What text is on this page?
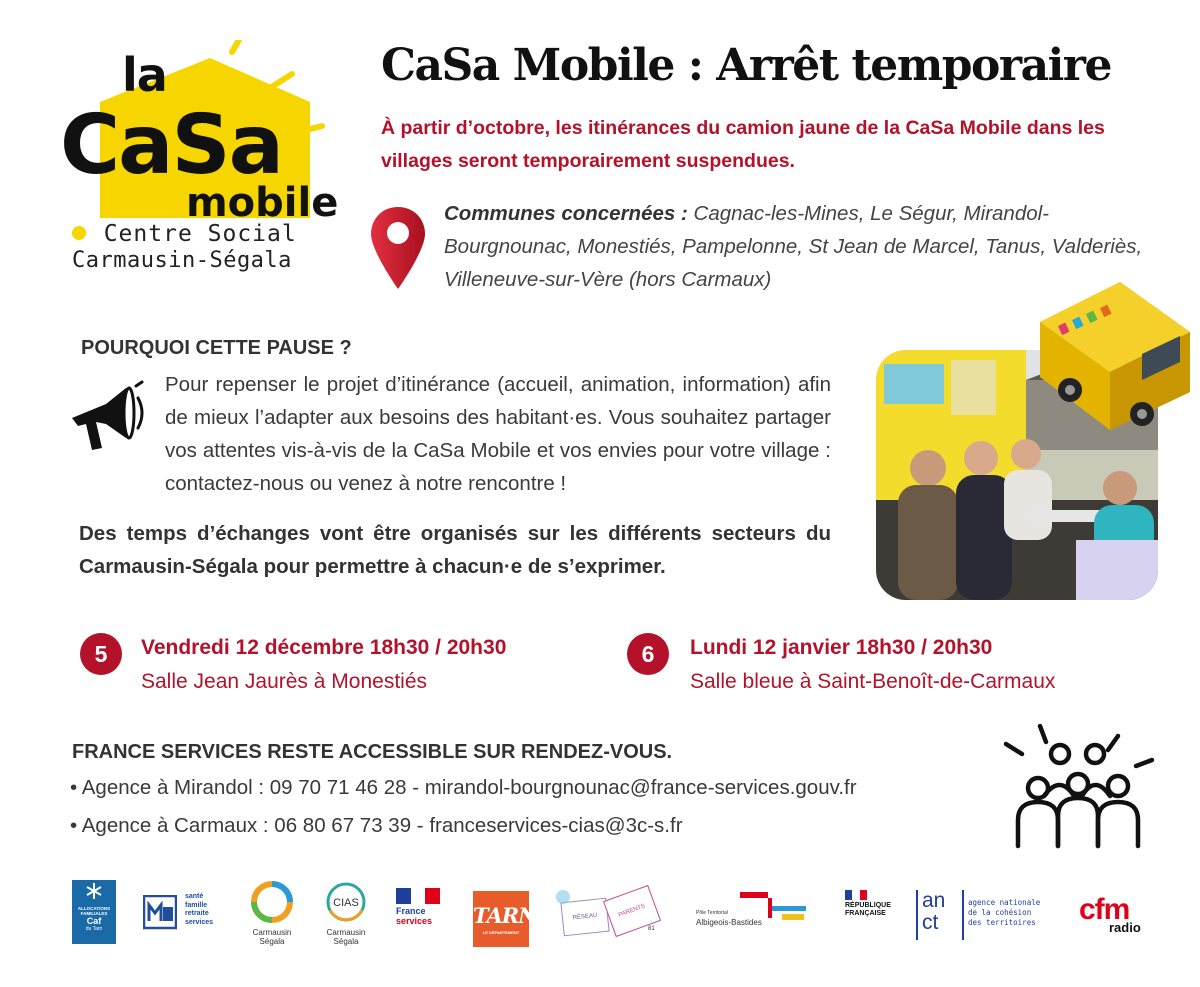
la
CaSa
mobile
Centre Social
Carmausin-Ségala
CaSa Mobile : Arrêt temporaire
À partir d’octobre, les itinérances du camion jaune de la CaSa Mobile dans les villages seront temporairement suspendues.
Communes concernées : Cagnac-les-Mines, Le Ségur, Mirandol-Bourgnounac, Monestiés, Pampelonne, St Jean de Marcel, Tanus, Valderiès, Villeneuve-sur-Vère (hors Carmaux)
POURQUOI CETTE PAUSE ?
Pour repenser le projet d’itinérance (accueil, animation, information) afin de mieux l’adapter aux besoins des habitant·es. Vous souhaitez partager vos attentes vis-à-vis de la CaSa Mobile et vos envies pour votre village : contactez-nous ou venez à notre rencontre !
Des temps d’échanges vont être organisés sur les différents secteurs du Carmausin-Ségala pour permettre à chacun·e de s’exprimer.
5	Vendredi 12 décembre 18h30 / 20h30
Salle Jean Jaurès à Monestiés
6	Lundi 12 janvier 18h30 / 20h30
Salle bleue à Saint-Benoît-de-Carmaux
FRANCE SERVICES RESTE ACCESSIBLE SUR RENDEZ-VOUS.
• Agence à Mirandol : 09 70 71 46 28 - mirandol-bourgnounac@france-services.gouv.fr
• Agence à Carmaux : 06 80 67 73 39 - franceservices-cias@3c-s.fr
ALLOCATIONS
FAMILIALES
Caf
du Tarn
santé
famille
retraite
services
Carmausin
Ségala
CIAS
Carmausin
Ségala
France
services	TARN
LE DÉPARTEMENT
RÉSEAU	PARENTS
81
Pôle Territorial
Albigeois-Bastides
RÉPUBLIQUE
FRANÇAISE
an
ct
agence nationale
de la cohésion
des territoires cfm
radio
